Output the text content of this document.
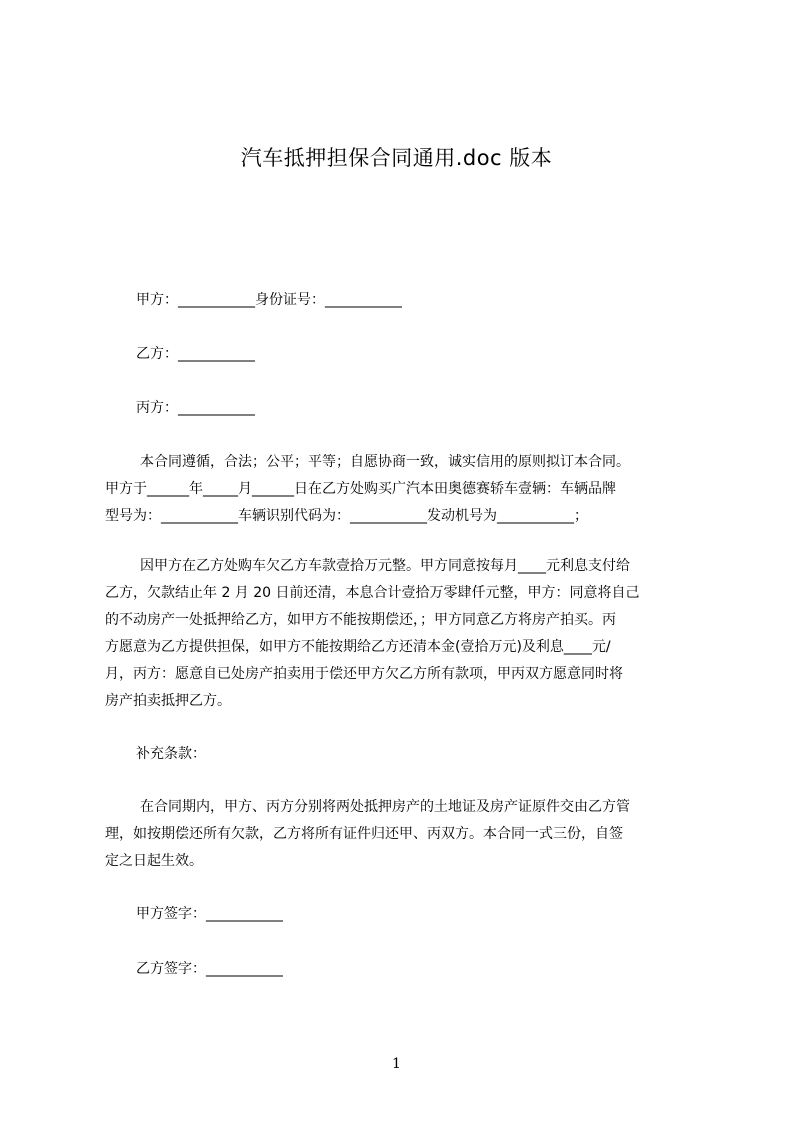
汽车抵押担保合同通用.doc 版本
甲方：___________身份证号：___________
乙方：___________
丙方：___________
本合同遵循，合法；公平；平等；自愿协商一致，诚实信用的原则拟订本合同。
甲方于______年_____月______日在乙方处购买广汽本田奥德赛轿车壹辆：车辆品牌
型号为：___________车辆识别代码为：___________发动机号为___________；
因甲方在乙方处购车欠乙方车款壹拾万元整。甲方同意按每月____元利息支付给
乙方，欠款结止年 2 月 20 日前还清，本息合计壹拾万零肆仟元整，甲方：同意将自己
的不动房产一处抵押给乙方，如甲方不能按期偿还，；甲方同意乙方将房产拍买。丙
方愿意为乙方提供担保，如甲方不能按期给乙方还清本金(壹拾万元)及利息____元/
月，丙方：愿意自已处房产拍卖用于偿还甲方欠乙方所有款项，甲丙双方愿意同时将
房产拍卖抵押乙方。
补充条款：
在合同期内，甲方、丙方分别将两处抵押房产的土地证及房产证原件交由乙方管
理，如按期偿还所有欠款，乙方将所有证件归还甲、丙双方。本合同一式三份，自签
定之日起生效。
甲方签字：___________
乙方签字：___________
1
